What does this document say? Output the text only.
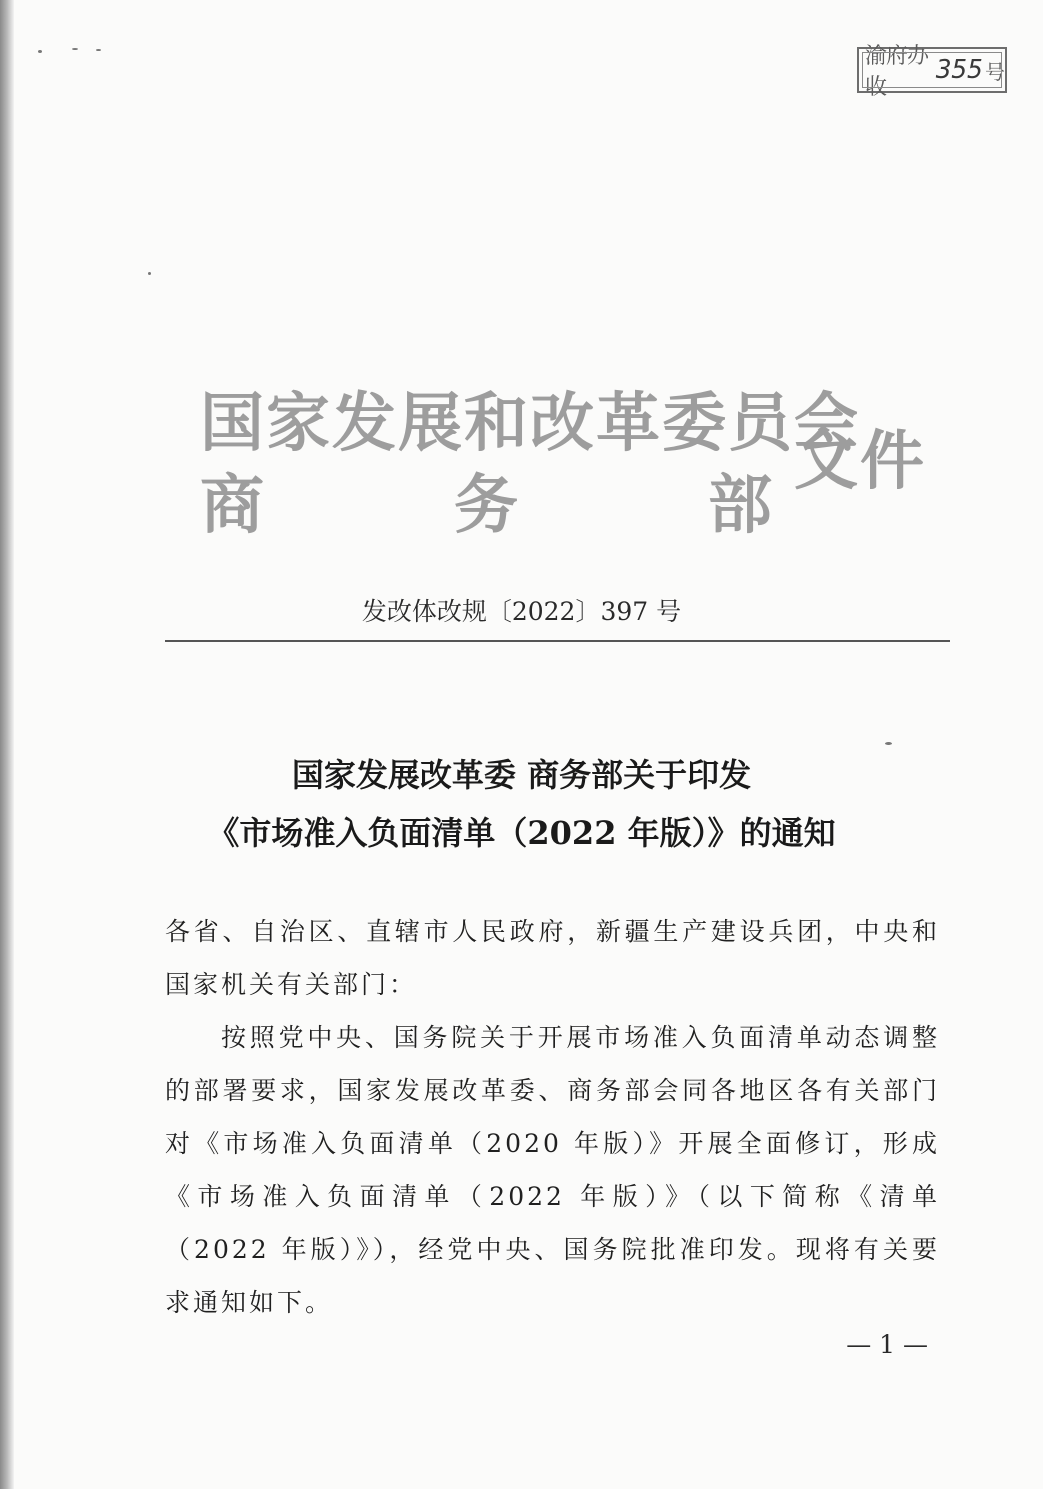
渝府办收
355 号
国家发展和改革委员会
商	务	部
文件
发改体改规〔2022〕397 号
国家发展改革委 商务部关于印发
《市场准入负面清单（2022 年版）》的通知

各省、自治区、直辖市人民政府，新疆生产建设兵团，中央和国家机关有关部门：

按照党中央、国务院关于开展市场准入负面清单动态调整的部署要求，国家发展改革委、商务部会同各地区各有关部门对《市场准入负面清单（2020 年版）》开展全面修订，形成《市场准入负面清单（2022 年版）》（以下简称《清单（2022 年版）》），经党中央、国务院批准印发。现将有关要求通知如下。

— 1 —
